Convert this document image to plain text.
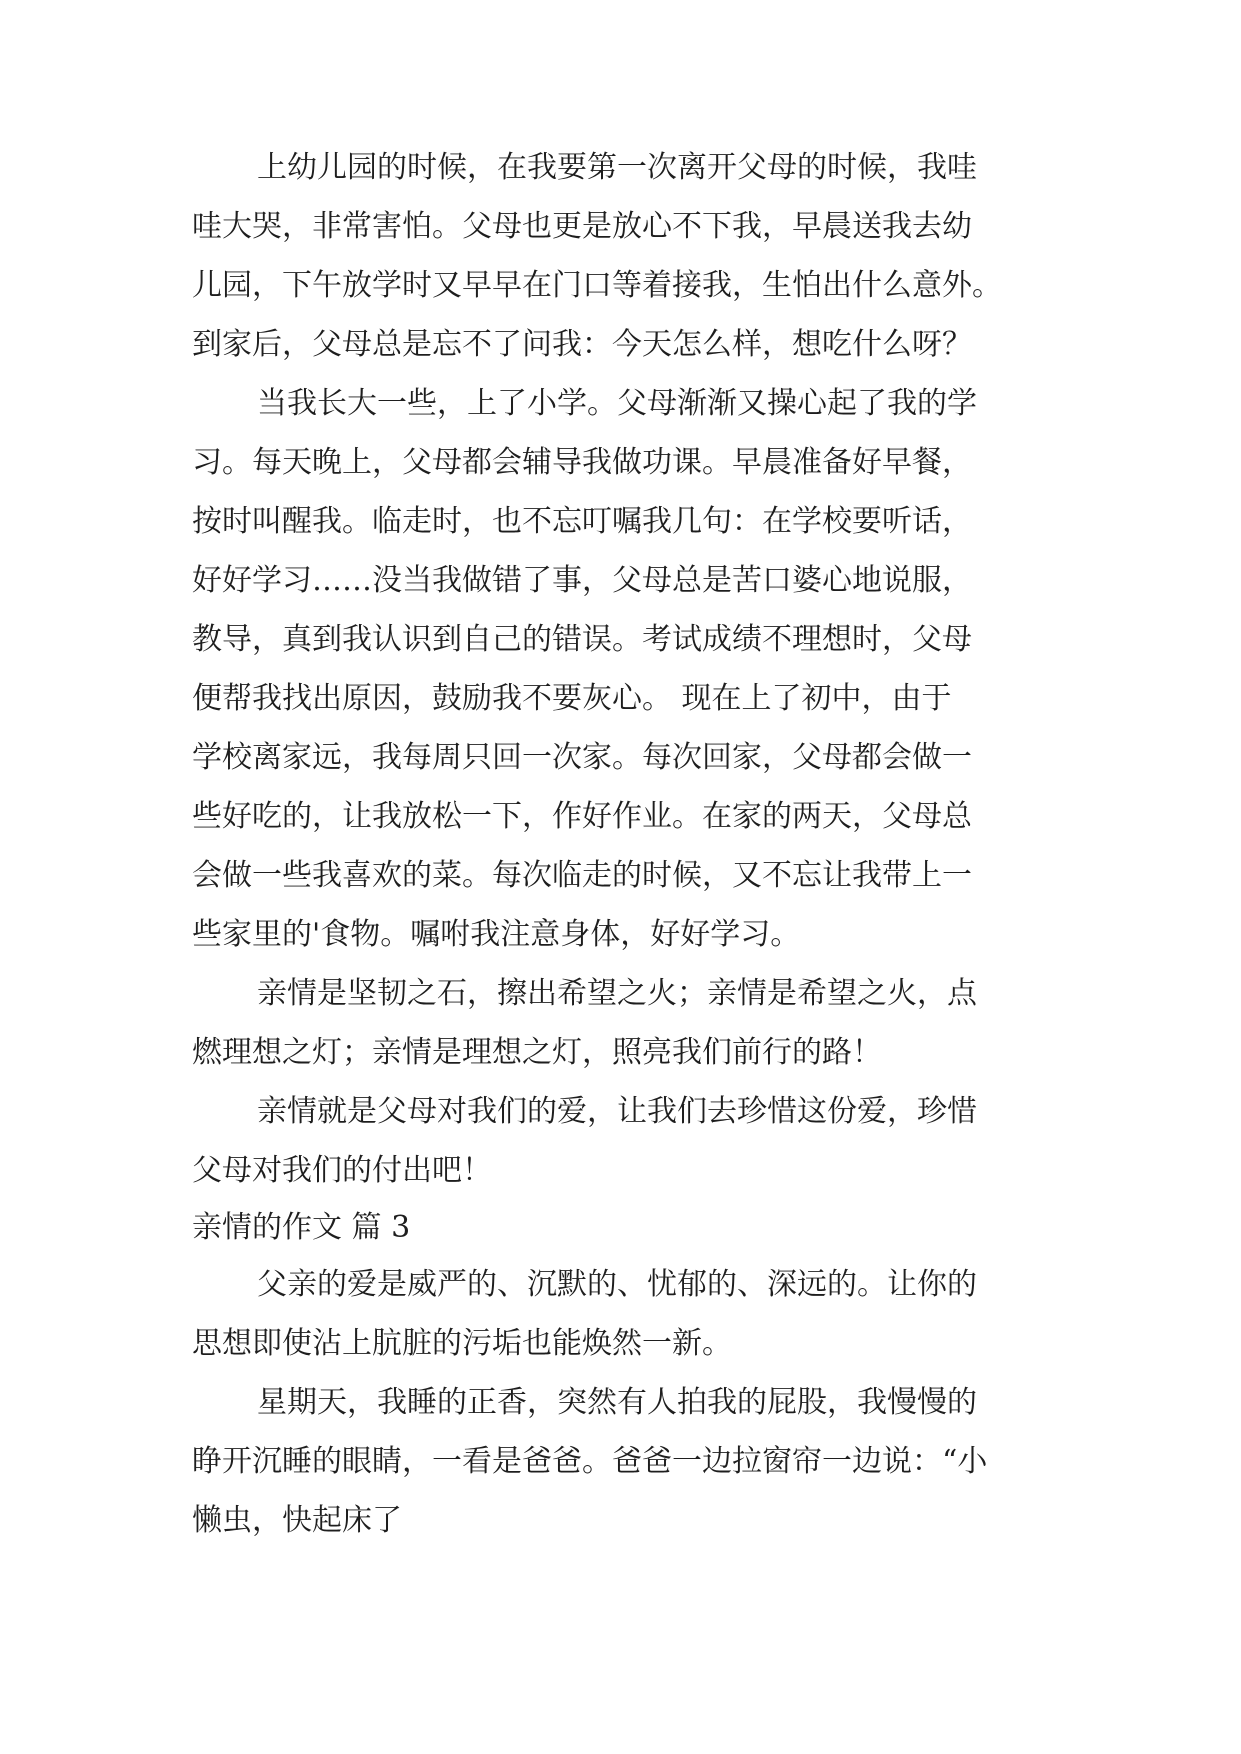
上幼儿园的时候，在我要第一次离开父母的时候，我哇
哇大哭，非常害怕。父母也更是放心不下我，早晨送我去幼
儿园，下午放学时又早早在门口等着接我，生怕出什么意外。
到家后，父母总是忘不了问我：今天怎么样，想吃什么呀？
当我长大一些，上了小学。父母渐渐又操心起了我的学
习。每天晚上，父母都会辅导我做功课。早晨准备好早餐，
按时叫醒我。临走时，也不忘叮嘱我几句：在学校要听话，
好好学习……没当我做错了事，父母总是苦口婆心地说服，
教导，真到我认识到自己的错误。考试成绩不理想时，父母
便帮我找出原因，鼓励我不要灰心。 现在上了初中，由于
学校离家远，我每周只回一次家。每次回家，父母都会做一
些好吃的，让我放松一下，作好作业。在家的两天，父母总
会做一些我喜欢的菜。每次临走的时候，又不忘让我带上一
些家里的'食物。嘱咐我注意身体，好好学习。
亲情是坚韧之石，擦出希望之火；亲情是希望之火，点
燃理想之灯；亲情是理想之灯，照亮我们前行的路！
亲情就是父母对我们的爱，让我们去珍惜这份爱，珍惜
父母对我们的付出吧！
亲情的作文 篇 3
父亲的爱是威严的、沉默的、忧郁的、深远的。让你的
思想即使沾上肮脏的污垢也能焕然一新。
星期天，我睡的正香，突然有人拍我的屁股，我慢慢的
睁开沉睡的眼睛，一看是爸爸。爸爸一边拉窗帘一边说：“小
懒虫，快起床了
